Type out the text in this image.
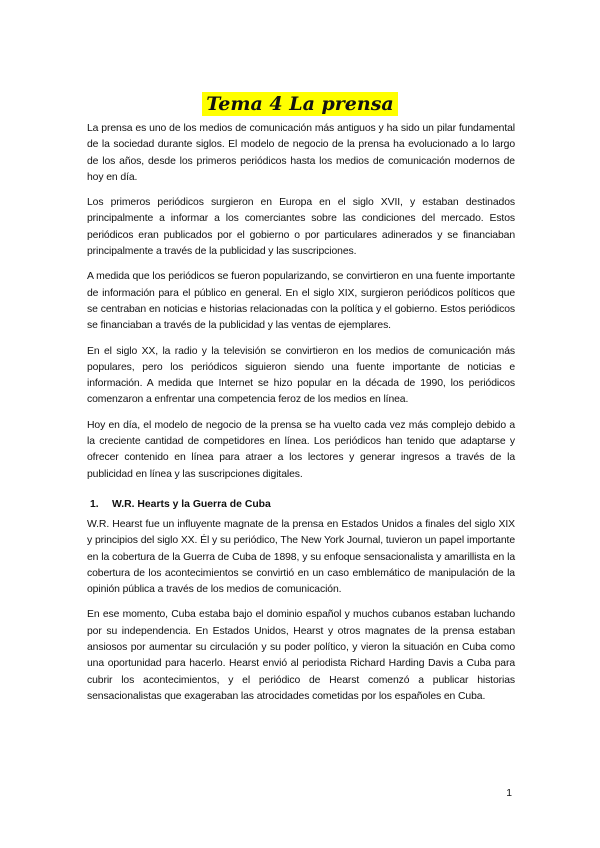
Tema 4 La prensa

La prensa es uno de los medios de comunicación más antiguos y ha sido un pilar fundamental de la sociedad durante siglos. El modelo de negocio de la prensa ha evolucionado a lo largo de los años, desde los primeros periódicos hasta los medios de comunicación modernos de hoy en día.

Los primeros periódicos surgieron en Europa en el siglo XVII, y estaban destinados principalmente a informar a los comerciantes sobre las condiciones del mercado. Estos periódicos eran publicados por el gobierno o por particulares adinerados y se financiaban principalmente a través de la publicidad y las suscripciones.

A medida que los periódicos se fueron popularizando, se convirtieron en una fuente importante de información para el público en general. En el siglo XIX, surgieron periódicos políticos que se centraban en noticias e historias relacionadas con la política y el gobierno. Estos periódicos se financiaban a través de la publicidad y las ventas de ejemplares.

En el siglo XX, la radio y la televisión se convirtieron en los medios de comunicación más populares, pero los periódicos siguieron siendo una fuente importante de noticias e información. A medida que Internet se hizo popular en la década de 1990, los periódicos comenzaron a enfrentar una competencia feroz de los medios en línea.

Hoy en día, el modelo de negocio de la prensa se ha vuelto cada vez más complejo debido a la creciente cantidad de competidores en línea. Los periódicos han tenido que adaptarse y ofrecer contenido en línea para atraer a los lectores y generar ingresos a través de la publicidad en línea y las suscripciones digitales.

1. W.R. Hearts y la Guerra de Cuba

W.R. Hearst fue un influyente magnate de la prensa en Estados Unidos a finales del siglo XIX y principios del siglo XX. Él y su periódico, The New York Journal, tuvieron un papel importante en la cobertura de la Guerra de Cuba de 1898, y su enfoque sensacionalista y amarillista en la cobertura de los acontecimientos se convirtió en un caso emblemático de manipulación de la opinión pública a través de los medios de comunicación.

En ese momento, Cuba estaba bajo el dominio español y muchos cubanos estaban luchando por su independencia. En Estados Unidos, Hearst y otros magnates de la prensa estaban ansiosos por aumentar su circulación y su poder político, y vieron la situación en Cuba como una oportunidad para hacerlo. Hearst envió al periodista Richard Harding Davis a Cuba para cubrir los acontecimientos, y el periódico de Hearst comenzó a publicar historias sensacionalistas que exageraban las atrocidades cometidas por los españoles en Cuba.

1
